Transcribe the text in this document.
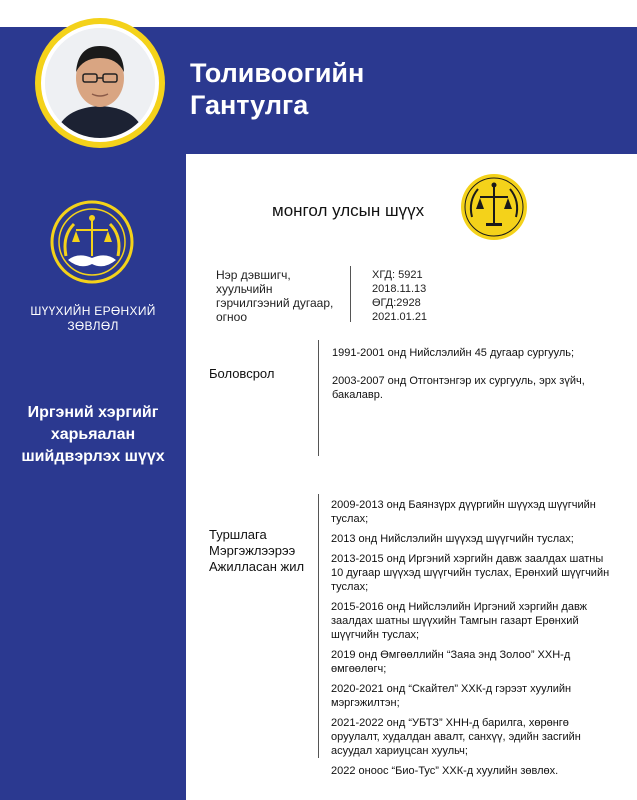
Толивоогийн
Гантулга
ШҮҮХИЙН ЕРӨНХИЙ ЗӨВЛӨЛ
Иргэний хэргийг харьяалан шийдвэрлэх шүүх
монгол улсын шүүх
Нэр дэвшигч, хуульчийн гэрчилгээний дугаар, огноо
ХГД: 5921
2018.11.13
ӨГД:2928
2021.01.21
Боловсрол

1991-2001 онд Нийслэлийн 45 дугаар сургууль;

2003-2007 онд Отгонтэнгэр их сургууль, эрх зүйч, бакалавр.

Туршлага Мэргэжлээрээ Ажилласан жил

2009-2013 онд Баянзүрх дүүргийн шүүхэд шүүгчийн туслах;

2013 онд Нийслэлийн шүүхэд шүүгчийн туслах;

2013-2015 онд Иргэний хэргийн давж заалдах шатны 10 дугаар шүүхэд шүүгчийн туслах, Ерөнхий шүүгчийн туслах;

2015-2016 онд Нийслэлийн Иргэний хэргийн давж заалдах шатны шүүхийн Тамгын газарт Ерөнхий шүүгчийн туслах;

2019 онд Өмгөөллийн “Заяа энд Золоо” ХХН-д өмгөөлөгч;

2020-2021 онд “Скайтел” ХХК-д гэрээт хуулийн мэргэжилтэн;

2021-2022 онд “УБТЗ” ХНН-д барилга, хөрөнгө оруулалт, худалдан авалт, санхүү, эдийн засгийн асуудал хариуцсан хуульч;

2022 оноос “Био-Тус” ХХК-д хуулийн зөвлөх.
